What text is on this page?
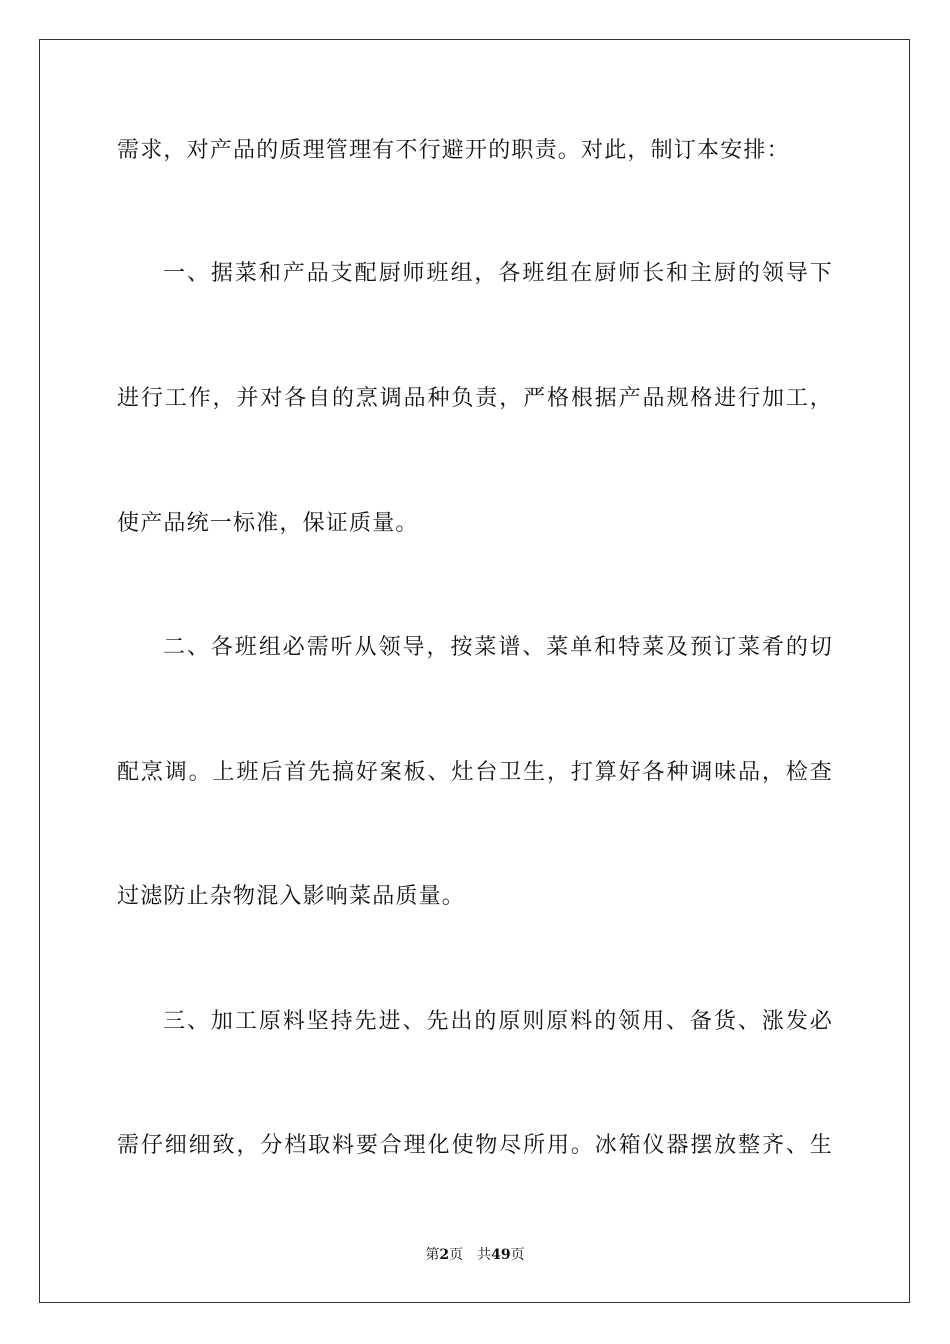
需求，对产品的质理管理有不行避开的职责。对此，制订本安排：
一、据菜和产品支配厨师班组，各班组在厨师长和主厨的领导下
进行工作，并对各自的烹调品种负责，严格根据产品规格进行加工，
使产品统一标准，保证质量。
二、各班组必需听从领导，按菜谱、菜单和特菜及预订菜肴的切
配烹调。上班后首先搞好案板、灶台卫生，打算好各种调味品，检查
过滤防止杂物混入影响菜品质量。
三、加工原料坚持先进、先出的原则原料的领用、备货、涨发必
需仔细细致，分档取料要合理化使物尽所用。冰箱仪器摆放整齐、生
第2页 共49页
